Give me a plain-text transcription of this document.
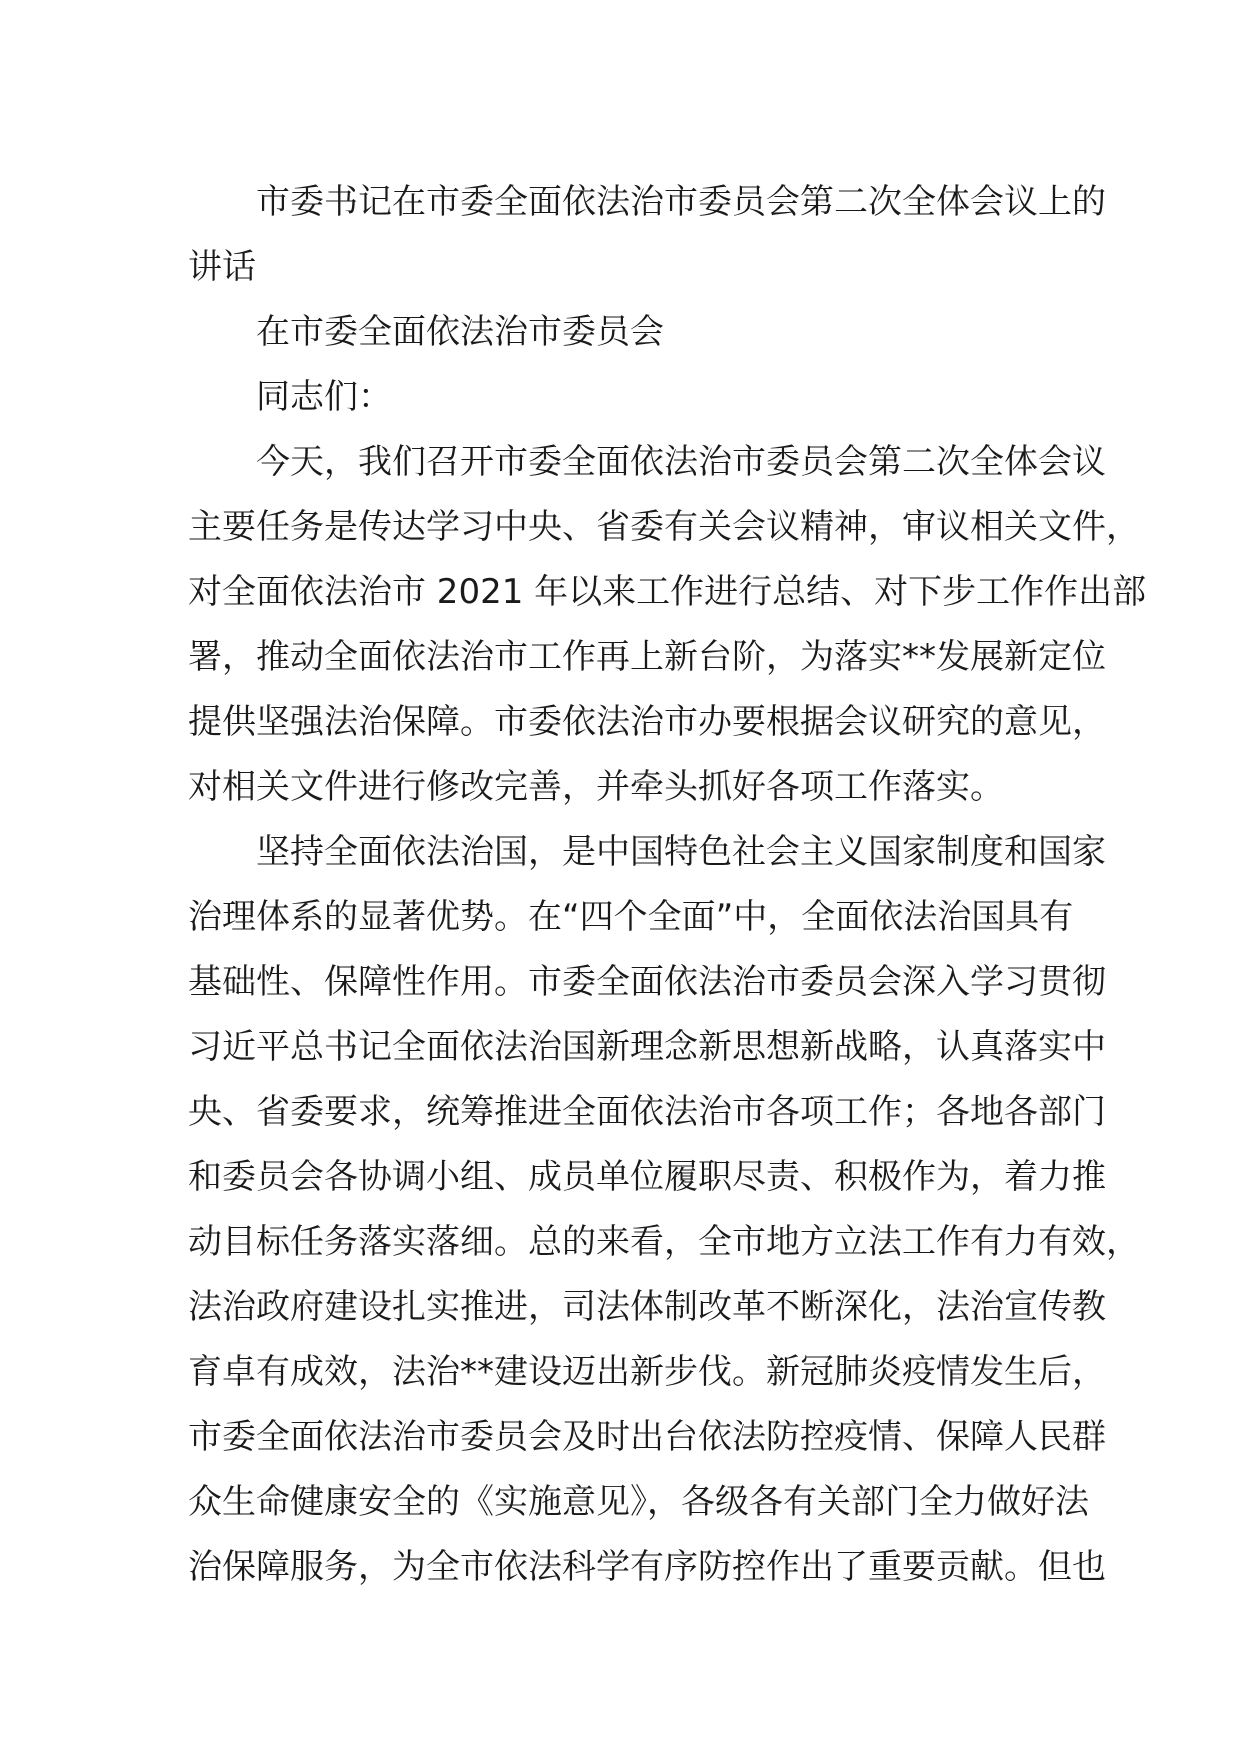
市委书记在市委全面依法治市委员会第二次全体会议上的
讲话
在市委全面依法治市委员会
同志们：
今天，我们召开市委全面依法治市委员会第二次全体会议
主要任务是传达学习中央、省委有关会议精神，审议相关文件，
对全面依法治市 2021 年以来工作进行总结、对下步工作作出部
署，推动全面依法治市工作再上新台阶，为落实**发展新定位
提供坚强法治保障。市委依法治市办要根据会议研究的意见，
对相关文件进行修改完善，并牵头抓好各项工作落实。
坚持全面依法治国，是中国特色社会主义国家制度和国家
治理体系的显著优势。在“四个全面”中，全面依法治国具有
基础性、保障性作用。市委全面依法治市委员会深入学习贯彻
习近平总书记全面依法治国新理念新思想新战略，认真落实中
央、省委要求，统筹推进全面依法治市各项工作；各地各部门
和委员会各协调小组、成员单位履职尽责、积极作为，着力推
动目标任务落实落细。总的来看，全市地方立法工作有力有效，
法治政府建设扎实推进，司法体制改革不断深化，法治宣传教
育卓有成效，法治**建设迈出新步伐。新冠肺炎疫情发生后，
市委全面依法治市委员会及时出台依法防控疫情、保障人民群
众生命健康安全的《实施意见》，各级各有关部门全力做好法
治保障服务，为全市依法科学有序防控作出了重要贡献。但也
